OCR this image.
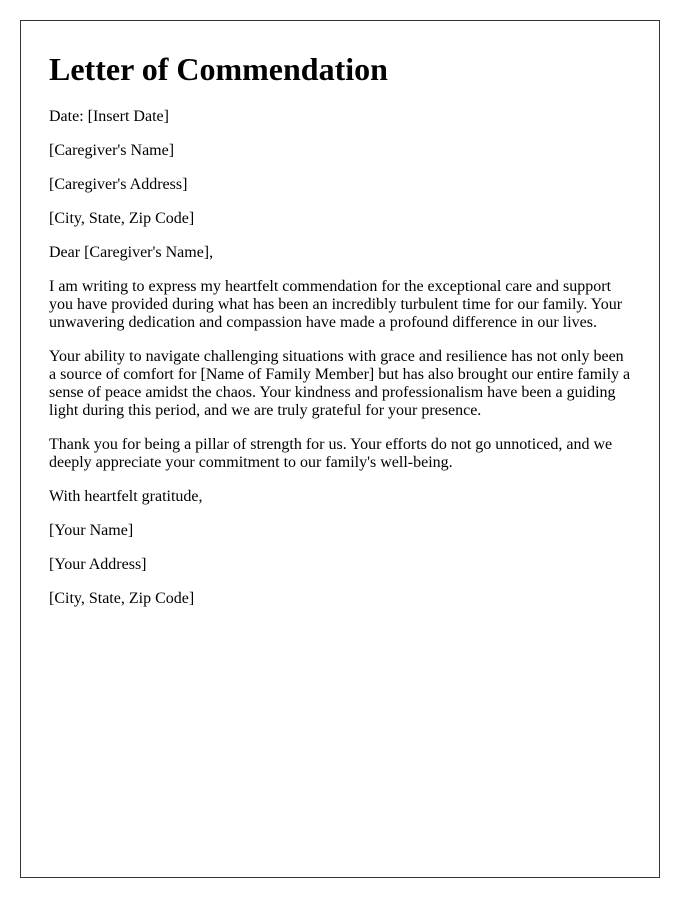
Letter of Commendation

Date: [Insert Date]

[Caregiver's Name]

[Caregiver's Address]

[City, State, Zip Code]

Dear [Caregiver's Name],

I am writing to express my heartfelt commendation for the exceptional care and support you have provided during what has been an incredibly turbulent time for our family. Your unwavering dedication and compassion have made a profound difference in our lives.

Your ability to navigate challenging situations with grace and resilience has not only been a source of comfort for [Name of Family Member] but has also brought our entire family a sense of peace amidst the chaos. Your kindness and professionalism have been a guiding light during this period, and we are truly grateful for your presence.

Thank you for being a pillar of strength for us. Your efforts do not go unnoticed, and we deeply appreciate your commitment to our family's well-being.

With heartfelt gratitude,

[Your Name]

[Your Address]

[City, State, Zip Code]
